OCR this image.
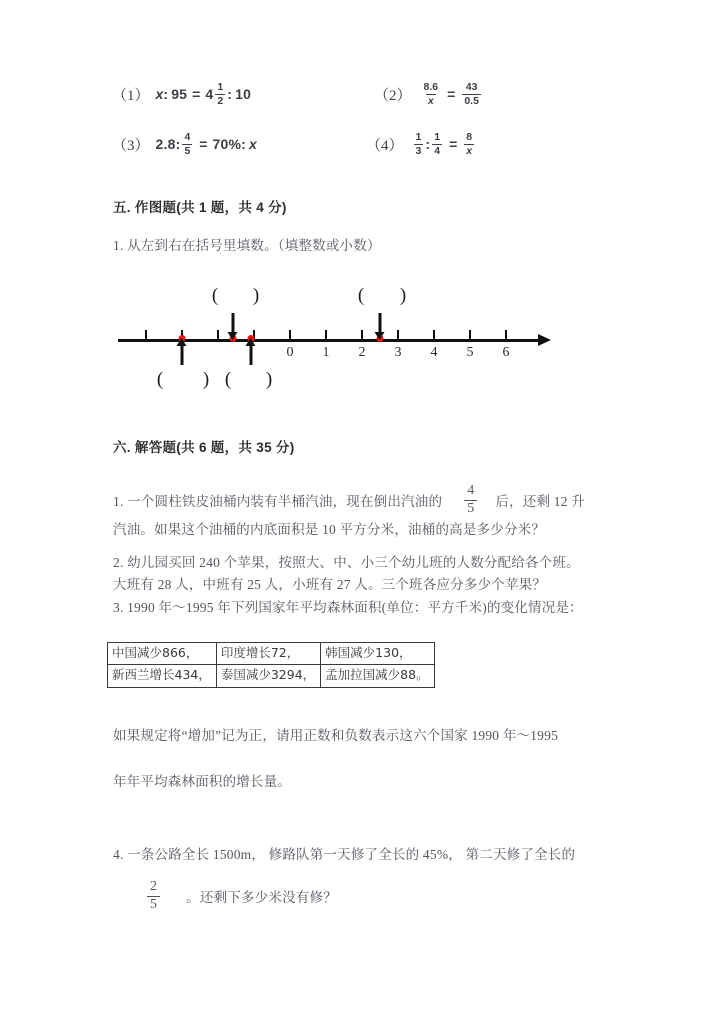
（1） x : $95 = 4 \frac{1}{2}$ : 10	$(2) \frac{8.6}{x} = \frac{43}{0.5}$
（3） 2.8: $\frac{4}{5} = 70\%$: x	$(4) \frac{1}{3}$ : $\frac{1}{4} = \frac{8}{x}$
五. 作图题(共 1 题，共 4 分)
1. 从左到右在括号里填数。（填整数或小数）
0 1 2 3 4 5 6
( )	( )
( ) ( )
六. 解答题(共 6 题，共 35 分)
1. 一个圆柱铁皮油桶内装有半桶汽油，现在倒出汽油的 $\frac{4}{5}$ 后，还剩 12 升
汽油。如果这个油桶的内底面积是 10 平方分米，油桶的高是多少分米？
2. 幼儿园买回 240 个苹果，按照大、中、小三个幼儿班的人数分配给各个班。
大班有 28 人，中班有 25 人，小班有 27 人。三个班各应分多少个苹果？
3. 1990 年～1995 年下列国家年平均森林面积(单位：平方千米)的变化情况是：
中国减少866，	印度增长72，	韩国减少130，
新西兰增长434，	泰国减少3294，	孟加拉国减少88。
如果规定将“增加”记为正，请用正数和负数表示这六个国家 1990 年～1995
年年平均森林面积的增长量。
4. 一条公路全长 1500m， 修路队第一天修了全长的 45%， 第二天修了全长的
$\frac{2}{5}$ 。还剩下多少米没有修？
